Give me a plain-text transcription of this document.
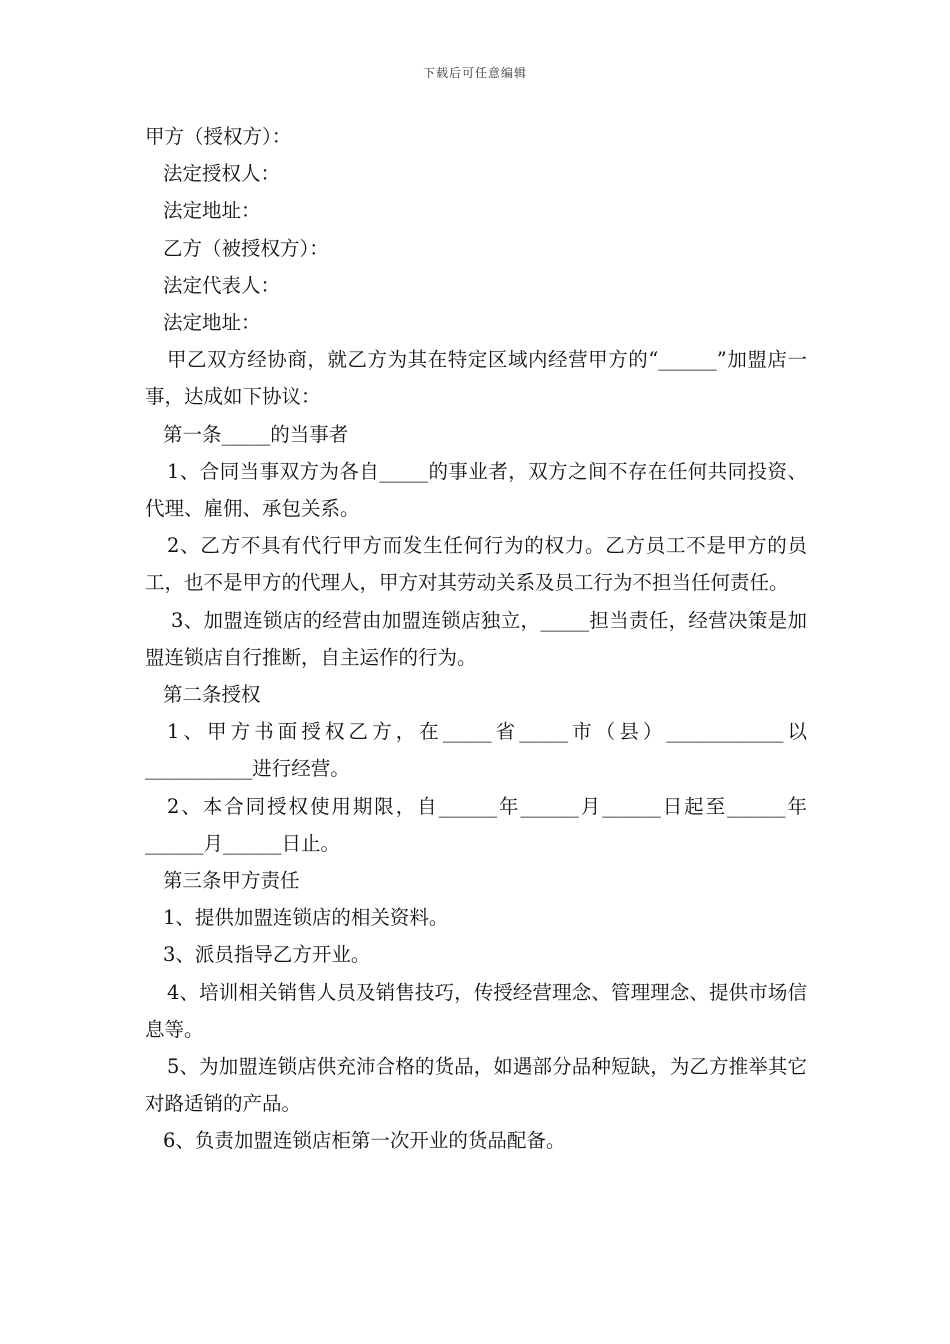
下载后可任意编辑

甲方（授权方）：

法定授权人：

法定地址：

乙方（被授权方）：

法定代表人：

法定地址：

甲乙双方经协商，就乙方为其在特定区域内经营甲方的“______”加盟店一事，达成如下协议：

第一条_____的当事者

1、合同当事双方为各自_____的事业者，双方之间不存在任何共同投资、代理、雇佣、承包关系。

2、乙方不具有代行甲方而发生任何行为的权力。乙方员工不是甲方的员工，也不是甲方的代理人，甲方对其劳动关系及员工行为不担当任何责任。

3、加盟连锁店的经营由加盟连锁店独立，_____担当责任，经营决策是加盟连锁店自行推断，自主运作的行为。

第二条授权

1、甲方书面授权乙方，在_____省_____市（县）____________以___________进行经营。

2、本合同授权使用期限，自______年______月______日起至______年______月______日止。

第三条甲方责任

1、提供加盟连锁店的相关资料。

3、派员指导乙方开业。

4、培训相关销售人员及销售技巧，传授经营理念、管理理念、提供市场信息等。

5、为加盟连锁店供充沛合格的货品，如遇部分品种短缺，为乙方推举其它对路适销的产品。

6、负责加盟连锁店柜第一次开业的货品配备。
